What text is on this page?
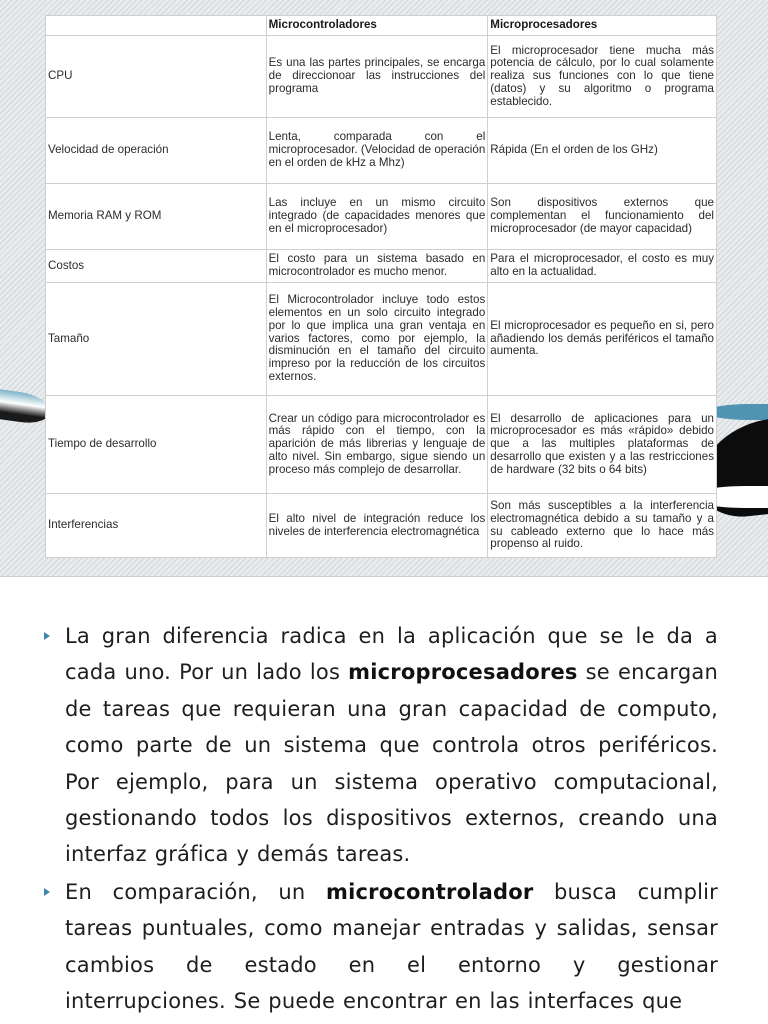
	Microcontroladores	Microprocesadores
CPU	Es una las partes principales, se encarga de direccionoar las instrucciones del programa	El microprocesador tiene mucha más potencia de cálculo, por lo cual solamente realiza sus funciones con lo que tiene (datos) y su algoritmo o programa establecido.
Velocidad de operación	Lenta, comparada con el microprocesador. (Velocidad de operación en el orden de kHz a Mhz)	Rápida (En el orden de los GHz)
Memoria RAM y ROM	Las incluye en un mismo circuito integrado (de capacidades menores que en el microprocesador)	Son dispositivos externos que complementan el funcionamiento del microprocesador (de mayor capacidad)
Costos	El costo para un sistema basado en microcontrolador es mucho menor.	Para el microprocesador, el costo es muy alto en la actualidad.
Tamaño	El Microcontrolador incluye todo estos elementos en un solo circuito integrado por lo que implica una gran ventaja en varios factores, como por ejemplo, la disminución en el tamaño del circuito impreso por la reducción de los circuitos externos.	El microprocesador es pequeño en si, pero añadiendo los demás periféricos el tamaño aumenta.
Tiempo de desarrollo	Crear un código para microcontrolador es más rápido con el tiempo, con la aparición de más librerias y lenguaje de alto nivel. Sin embargo, sigue siendo un proceso más complejo de desarrollar.	El desarrollo de aplicaciones para un microprocesador es más «rápido» debido que a las multiples plataformas de desarrollo que existen y a las restricciones de hardware (32 bits o 64 bits)
Interferencias	El alto nivel de integración reduce los niveles de interferencia electromagnética	Son más susceptibles a la interferencia electromagnética debido a su tamaño y a su cableado externo que lo hace más propenso al ruido.
La gran diferencia radica en la aplicación que se le da a cada uno. Por un lado los microprocesadores se encargan de tareas que requieran una gran capacidad de computo, como parte de un sistema que controla otros periféricos. Por ejemplo, para un sistema operativo computacional, gestionando todos los dispositivos externos, creando una interfaz gráfica y demás tareas.
En comparación, un microcontrolador busca cumplir tareas puntuales, como manejar entradas y salidas, sensar cambios de estado en el entorno y gestionar interrupciones. Se puede encontrar en las interfaces que
